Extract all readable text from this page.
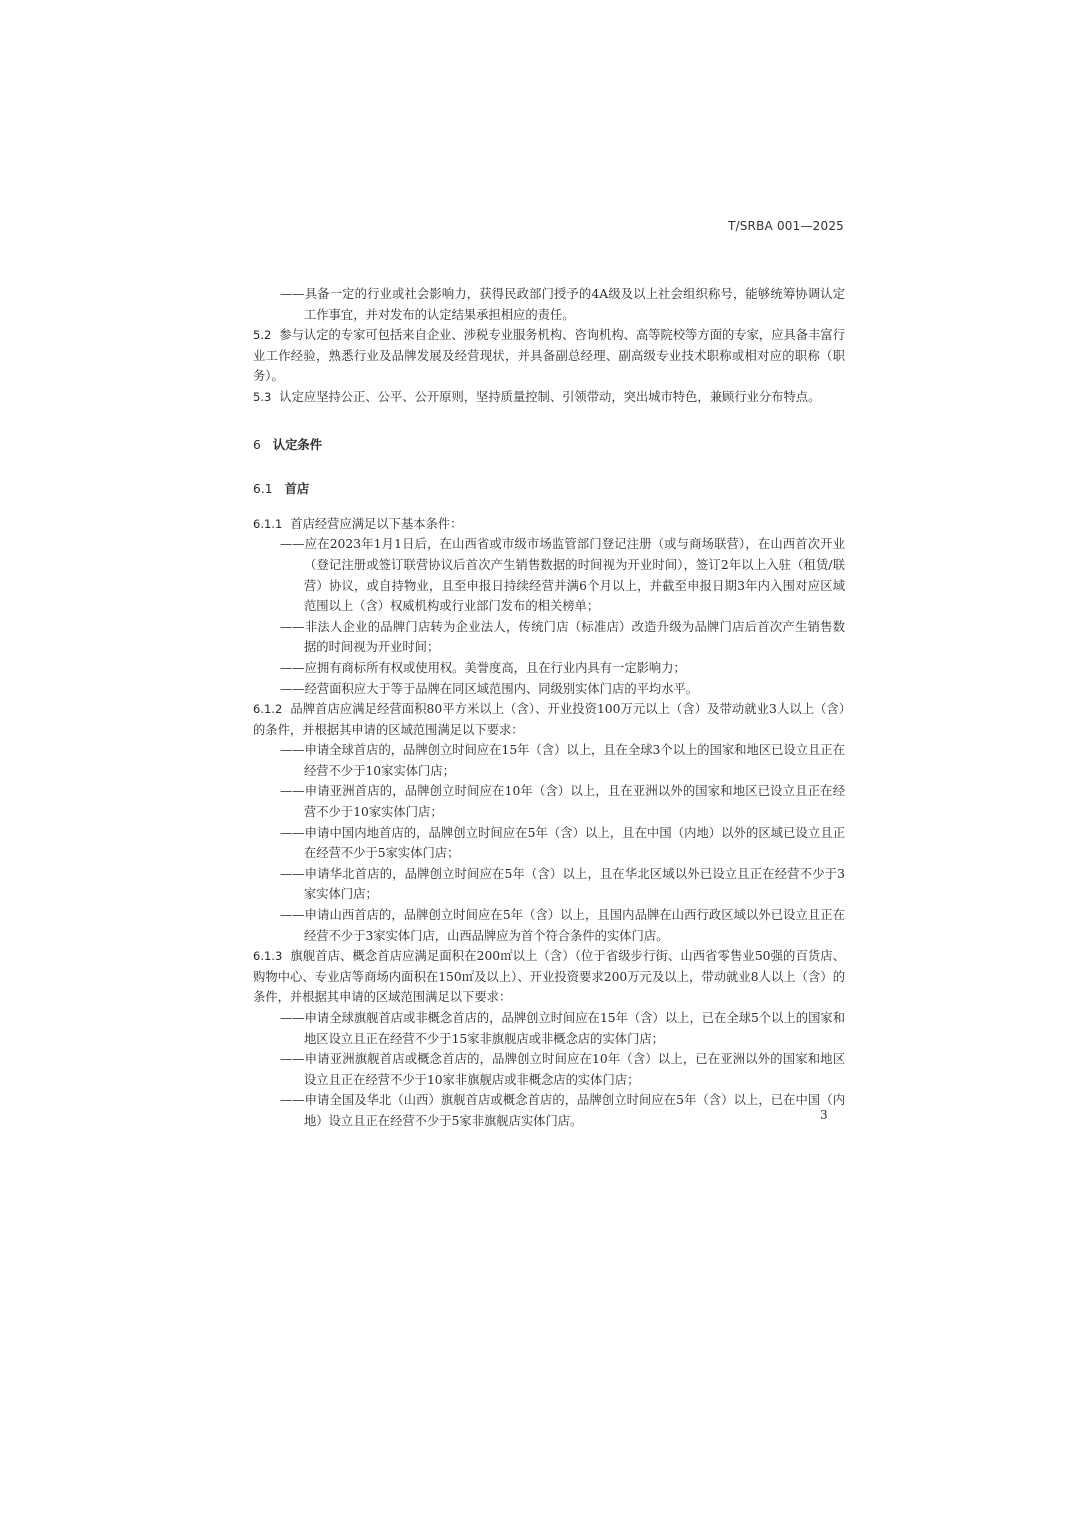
T/SRBA 001—2025

——具备一定的行业或社会影响力，获得民政部门授予的4A级及以上社会组织称号，能够统筹协调认定工作事宜，并对发布的认定结果承担相应的责任。

5.2 参与认定的专家可包括来自企业、涉税专业服务机构、咨询机构、高等院校等方面的专家，应具备丰富行业工作经验，熟悉行业及品牌发展及经营现状，并具备副总经理、副高级专业技术职称或相对应的职称（职务）。

5.3 认定应坚持公正、公平、公开原则，坚持质量控制、引领带动，突出城市特色，兼顾行业分布特点。

6 认定条件

6.1 首店

6.1.1 首店经营应满足以下基本条件：

——应在2023年1月1日后，在山西省或市级市场监管部门登记注册（或与商场联营），在山西首次开业（登记注册或签订联营协议后首次产生销售数据的时间视为开业时间），签订2年以上入驻（租赁/联营）协议，或自持物业，且至申报日持续经营并满6个月以上，并截至申报日期3年内入围对应区域范围以上（含）权威机构或行业部门发布的相关榜单；

——非法人企业的品牌门店转为企业法人，传统门店（标准店）改造升级为品牌门店后首次产生销售数据的时间视为开业时间；

——应拥有商标所有权或使用权。美誉度高，且在行业内具有一定影响力；

——经营面积应大于等于品牌在同区域范围内、同级别实体门店的平均水平。

6.1.2 品牌首店应满足经营面积80平方米以上（含）、开业投资100万元以上（含）及带动就业3人以上（含）的条件，并根据其申请的区域范围满足以下要求：

——申请全球首店的，品牌创立时间应在15年（含）以上，且在全球3个以上的国家和地区已设立且正在经营不少于10家实体门店；

——申请亚洲首店的，品牌创立时间应在10年（含）以上，且在亚洲以外的国家和地区已设立且正在经营不少于10家实体门店；

——申请中国内地首店的，品牌创立时间应在5年（含）以上，且在中国（内地）以外的区域已设立且正在经营不少于5家实体门店；

——申请华北首店的，品牌创立时间应在5年（含）以上，且在华北区域以外已设立且正在经营不少于3家实体门店；

——申请山西首店的，品牌创立时间应在5年（含）以上，且国内品牌在山西行政区域以外已设立且正在经营不少于3家实体门店，山西品牌应为首个符合条件的实体门店。

6.1.3 旗舰首店、概念首店应满足面积在200㎡以上（含）（位于省级步行街、山西省零售业50强的百货店、购物中心、专业店等商场内面积在150㎡及以上）、开业投资要求200万元及以上，带动就业8人以上（含）的条件，并根据其申请的区域范围满足以下要求：

——申请全球旗舰首店或非概念首店的，品牌创立时间应在15年（含）以上，已在全球5个以上的国家和地区设立且正在经营不少于15家非旗舰店或非概念店的实体门店；

——申请亚洲旗舰首店或概念首店的，品牌创立时间应在10年（含）以上，已在亚洲以外的国家和地区设立且正在经营不少于10家非旗舰店或非概念店的实体门店；

——申请全国及华北（山西）旗舰首店或概念首店的，品牌创立时间应在5年（含）以上，已在中国（内地）设立且正在经营不少于5家非旗舰店实体门店。	3
